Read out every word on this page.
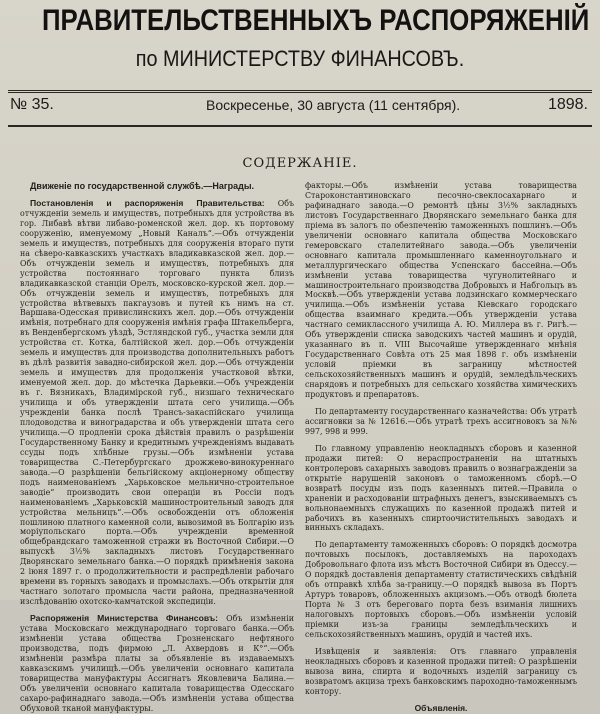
ПРАВИТЕЛЬСТВЕННЫХЪ РАСПОРЯЖЕНІЙ
по МИНИСТЕРСТВУ ФИНАНСОВЪ.
№ 35.	Воскресенье, 30 августа (11 сентября).	1898.
СОДЕРЖАНІЕ.

Движеніе по государственной службѣ.—Награды.

Постановленія и распоряженія Правительства: Объ отчужденіи земель и имуществъ, потребныхъ для устройства въ гор. Либавѣ вѣтви либаво-роменской жел. дор. къ портовому сооруженію, именуемому „Новый Каналъ“.—Объ отчужденіи земель и имуществъ, потребныхъ для сооруженія втораго пути на сѣверо-кавказскихъ участкахъ владикавказской жел. дор.—Объ отчужденіи земель и имуществъ, потребныхъ для устройства постояннаго торговаго пункта близъ владикавказской станціи Орелъ, московско-курской жел. дор.—Объ отчужденіи земель и имуществъ, потребныхъ для устройства вѣтвевыхъ пакгаузовъ и путей къ нимъ на ст. Варшава-Одесская привислинскихъ жел. дор.—Объ отчужденіи имѣнія, потребнаго для сооруженія имѣнія графа Штакельберга, въ Венденбергскомъ уѣздѣ, Эстляндской губ., участка земли для устройства ст. Котка, балтійской жел. дор.—Объ отчужденіи земель и имуществъ для производства дополнительныхъ работъ въ дѣлѣ развитія завадно-сибирской жел. дор.—Объ отчужденіи земель и имуществъ для продолженія участковой вѣтки, именуемой жел. дор. до мѣстечка Дарьевки.—Объ учрежденіи въ г. Вязникахъ, Владимірской губ., низшаго техническаго училища и объ утвержденіи штата сего училища.—Объ учрежденіи банка послѣ Трансъ-закаспійскаго училища плодоводства и виноградарства и объ утвержденіи штата сего училища.—О продленіи срока дѣйствія правилъ о разрѣшеніи Государственному Банку и кредитнымъ учрежденіямъ выдавать ссуды подъ хлѣбные грузы.—Объ измѣненіи устава товарищества С.-Петербургскаго дрожжево-винокуреннаго завода.—О разрѣшеніи бельгійскому акціонерному обществу подъ наименованіемъ „Харьковское мельнично-строительное заводіе“ производить свои операціи въ Россіи подъ наименованіемъ „Харьковскій машиностроительный заводъ для устройства мельницъ“.—Объ освобожденіи отъ обложенія пошлиною платного каменной соли, вывозимой въ Болгарію изъ моріупольскаго порта.—Объ учрежденіи временной общебрандскаго таможенной стражи въ Восточной Сибири.—О выпускѣ 3½% закладныхъ листовъ Государственнаго Дворянскаго земельнаго банка.—О порядкѣ примѣненія закона 2 іюня 1897 г. о продолжительности и распредѣленіи рабочаго времени въ горныхъ заводахъ и промыслахъ.—Объ открытіи для частнаго золотаго промысла части района, предназначенной изслѣдованію охотско-камчатской экспедиціи.

Распоряженія Министерства Финансовъ: Объ измѣненіи устава Московскаго международнаго торговаго банка.—Объ измѣненіи устава общества Грозненскаго нефтяного производства, подъ фирмою „Л. Ахвердовъ и К°“.—Объ измѣненіи размѣра платы за объявленіе въ издаваемыхъ кавказскимъ училищѣ.—Объ увеличеніи основнаго капитала товарищества мануфактуры Ассигнатъ Яковлевича Балина.—Объ увеличеніи основнаго капитала товарищества Одесскаго сахаро-рафинаднаго завода.—Объ измѣненіи устава общества Обуховой тканой мануфактуры.

факторы.—Объ измѣненіи устава товарищества Староконстантиновскаго песочно-свеклосахарнаго и рафинаднаго завода.—О ремонтѣ цѣны 3½% закладныхъ листовъ Государственнаго Дворянскаго земельнаго банка для пріема въ залогъ по обезпеченію таможенныхъ пошлинъ.—Объ увеличеніи основнаго капитала общества Московскаго гемеровскаго сталелитейнаго завода.—Объ увеличеніи основнаго капитала промышленнаго каменноугольнаго и металлургическаго общества Успенскаго бассейна.—Объ измѣненіи устава товарищества чугунолитейнаго и машиностроительнаго производства Добровыхъ и Набгольцъ въ Москвѣ.—Объ утвержденіи устава лодзинскаго коммерческаго училища.—Объ измѣненіи устава Кіевскаго городскаго общества взаимнаго кредита.—Объ утвержденіи устава частнаго семиклассного училища А. Ю. Миллера въ г. Ригѣ.—Объ утвержденіи списка заводскихъ частей машинъ и орудій, указаннаго въ п. VIII Высочайше утвержденнаго мнѣнія Государственнаго Совѣта отъ 25 мая 1898 г. объ измѣненіи условій пріемки въ заграницу мѣстностей сельскохозяйственныхъ машинъ и орудій, земледѣльческихъ снарядовъ и потребныхъ для сельскаго хозяйства химическихъ продуктовъ и препаратовъ.

По департаменту государственнаго казначейства: Объ утратѣ ассигновки за № 12616.—Объ утратѣ трехъ ассигновокъ за №№ 997, 998 и 999.

По главному управленію неокладныхъ сборовъ и казенной продажи питей: О нераспространеніи на штатныхъ контролеровъ сахарныхъ заводовъ правилъ о вознагражденіи за открытіе нарушеній законовъ о таможенномъ сборѣ.—О возвратѣ посуды изъ подъ казенныхъ питей.—Правила о храненіи и расходованіи штрафныхъ денегъ, взыскиваемыхъ съ вольнонаемныхъ служащихъ по казенной продажѣ питей и рабочихъ въ казенныхъ спиртоочистительныхъ заводахъ и винныхъ складахъ.

По департаменту таможенныхъ сборовъ: О порядкѣ досмотра почтовыхъ посылокъ, доставляемыхъ на пароходахъ Добровольнаго флота изъ мѣстъ Восточной Сибири въ Одессу.—О порядкѣ доставленія департаменту статистическихъ свѣдѣній объ отправкѣ хлѣба за-границу.—О порядкѣ вывоза въ Портъ Артуръ товаровъ, обложенныхъ акцизомъ.—Объ отводѣ бюлета Порта № 3 отъ береговаго порта безъ взиманія лишнихъ налоговыхъ портовыхъ сборовъ.—Объ измѣненіи условій пріемки изъ-за границы земледѣльческихъ и сельскохозяйственныхъ машинъ, орудій и частей ихъ.

Извѣщенія и заявленія: Отъ главнаго управленія неокладныхъ сборовъ и казенной продажи питей: О разрѣшеніи вывоза вина, спирта и водочныхъ изделій заграницу съ возвратомъ акциза трехъ банковскимъ пароходно-таможеннымъ контору.

Объявленія.
